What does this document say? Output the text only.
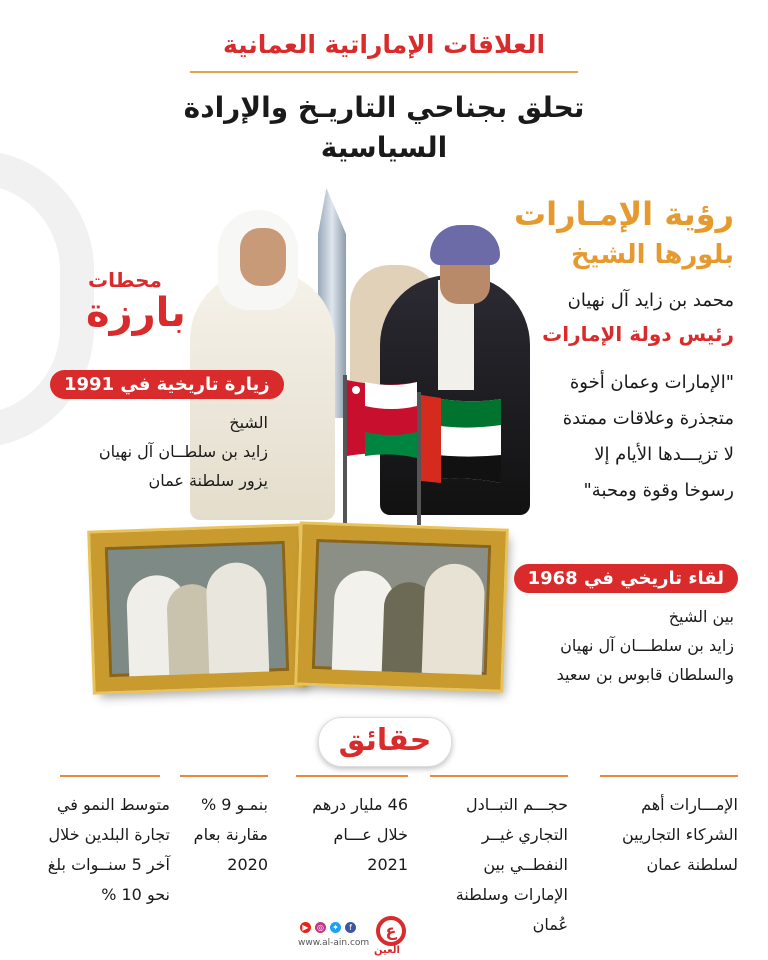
العلاقات الإماراتية العمانية
تحلق بجناحي التاريـخ والإرادة
السياسية
رؤية الإمـارات
بلورها الشيخ
محمد بن زايد آل نهيان
رئيس دولة الإمارات
"الإمارات وعمان أخوة
متجذرة وعلاقات ممتدة
لا تزيـــدها الأيام إلا
رسوخا وقوة ومحبة"
محطات
بارزة
زيارة تاريخية في 1991
الشيخ
زايد بن سلطــان آل نهيان
يزور سلطنة عمان
لقاء تاريخي في 1968
بين الشيخ
زايد بن سلطـــان آل نهيان
والسلطان قابوس بن سعيد
حقائق
الإمـــارات أهم
الشركاء التجاريين
لسلطنة عمان
حجـــم التبــادل
التجاري غيــر
النفطــي بين
الإمارات وسلطنة
عُمان
46 مليار درهم
خلال عـــام
2021
بنمـو 9 %
مقارنة بعام
2020
متوسط النمو في
تجارة البلدين خلال
آخر 5 سنــوات بلغ
نحو 10 %
▶	◎ ✦	f
www.al-ain.com
ع
العين
